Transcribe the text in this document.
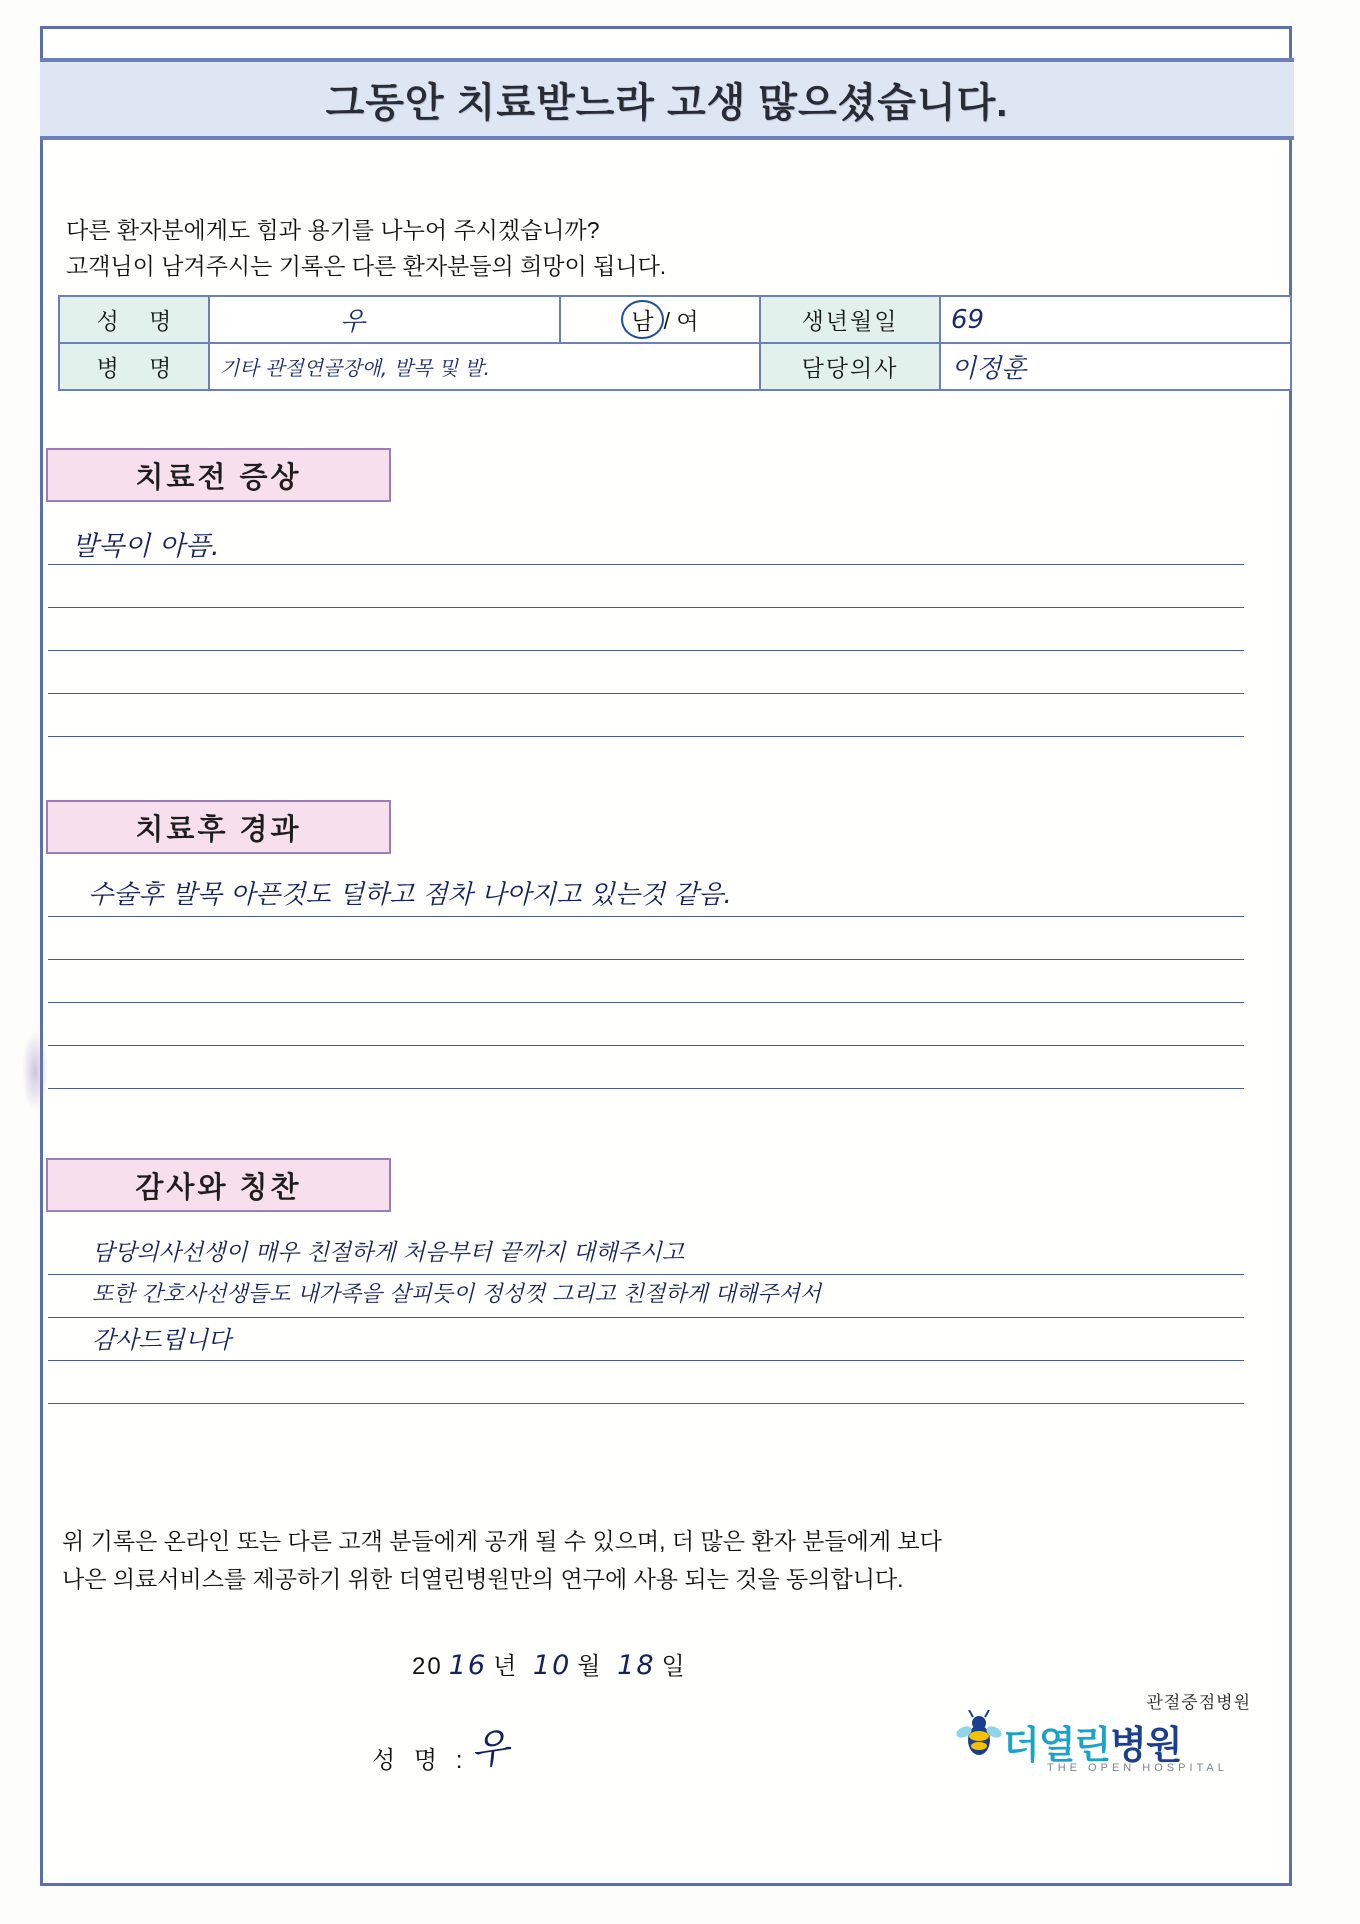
그동안 치료받느라 고생 많으셨습니다.
다른 환자분에게도 힘과 용기를 나누어 주시겠습니까?
고객님이 남겨주시는 기록은 다른 환자분들의 희망이 됩니다.
성 명	우	남 / 여	생년월일	69
병 명	기타 관절연골장애, 발목 및 발.		담당의사	이정훈
치료전 증상
발목이 아픔.
치료후 경과
수술후 발목 아픈것도 덜하고 점차 나아지고 있는것 같음.
감사와 칭찬
담당의사선생이 매우 친절하게 처음부터 끝까지 대해주시고
또한 간호사선생들도 내가족을 살피듯이 정성껏 그리고 친절하게 대해주셔서
감사드립니다
위 기록은 온라인 또는 다른 고객 분들에게 공개 될 수 있으며, 더 많은 환자 분들에게 보다
나은 의료서비스를 제공하기 위한 더열린병원만의 연구에 사용 되는 것을 동의합니다.
20 16 년 10 월 18 일
성 명 : 우
관절중점병원
더열린병원
THE OPEN HOSPITAL
